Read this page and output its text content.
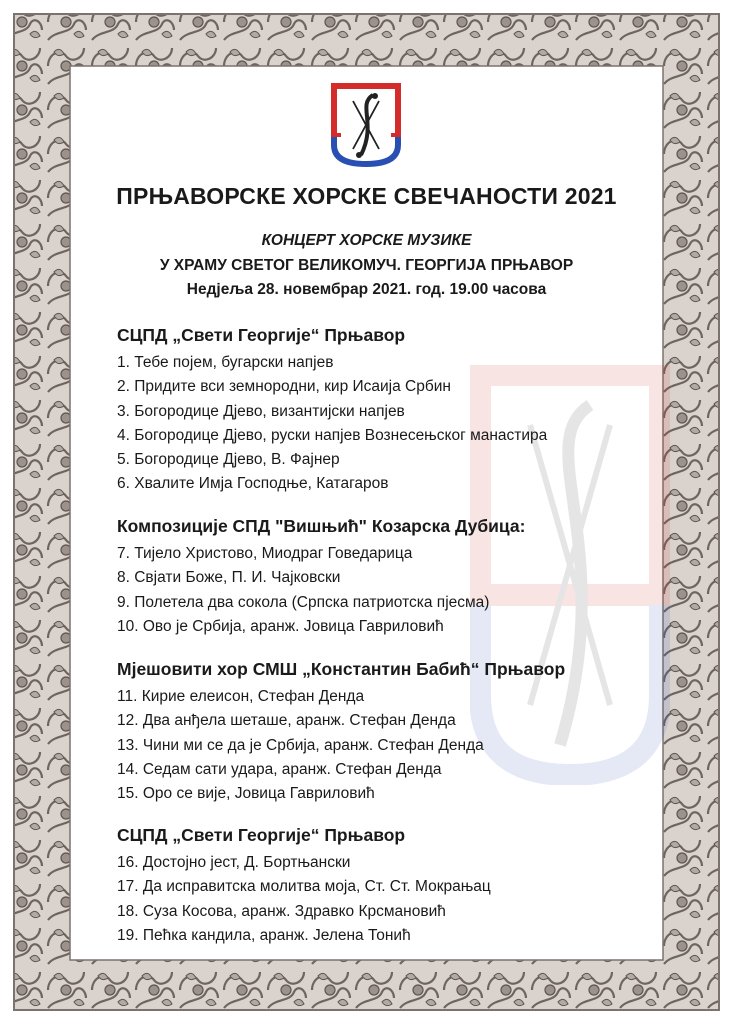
ПРЊАВОРСКЕ ХОРСКЕ СВЕЧАНОСТИ 2021
КОНЦЕРТ ХОРСКЕ МУЗИКЕ
У ХРАМУ СВЕТОГ ВЕЛИКОМУЧ. ГЕОРГИЈА ПРЊАВОР
Недјеља 28. новембрар 2021. год. 19.00 часова
СЦПД „Свети Георгије“ Прњавор
1. Тебе појем, бугарски напјев
2. Придите вси земнородни, кир Исаија Србин
3. Богородице Дјево, византијски напјев
4. Богородице Дјево, руски напјев Вознесењског манастира
5. Богородице Дјево, В. Фајнер
6. Хвалите Имја Господње, Катагаров
Композиције СПД "Вишњић" Козарска Дубица:
7. Тијело Христово, Миодраг Говедарица
8. Свјати Боже, П. И. Чајковски
9. Полетела два сокола (Српска патриотска пјесма)
10. Ово је Србија, аранж. Јовица Гавриловић
Мјешовити хор СМШ „Константин Бабић“ Прњавор
11. Кирие елеисон, Стефан Денда
12. Два анђела шеташе, аранж. Стефан Денда
13. Чини ми се да је Србија, аранж. Стефан Денда
14. Седам сати удара, аранж. Стефан Денда
15. Оро се вије, Јовица Гавриловић
СЦПД „Свети Георгије“ Прњавор
16. Достојно јест, Д. Бортњански
17. Да исправитска молитва моја, Ст. Ст. Мокрањац
18. Суза Косова, аранж. Здравко Крсмановић
19. Пећка кандила, аранж. Јелена Тонић
